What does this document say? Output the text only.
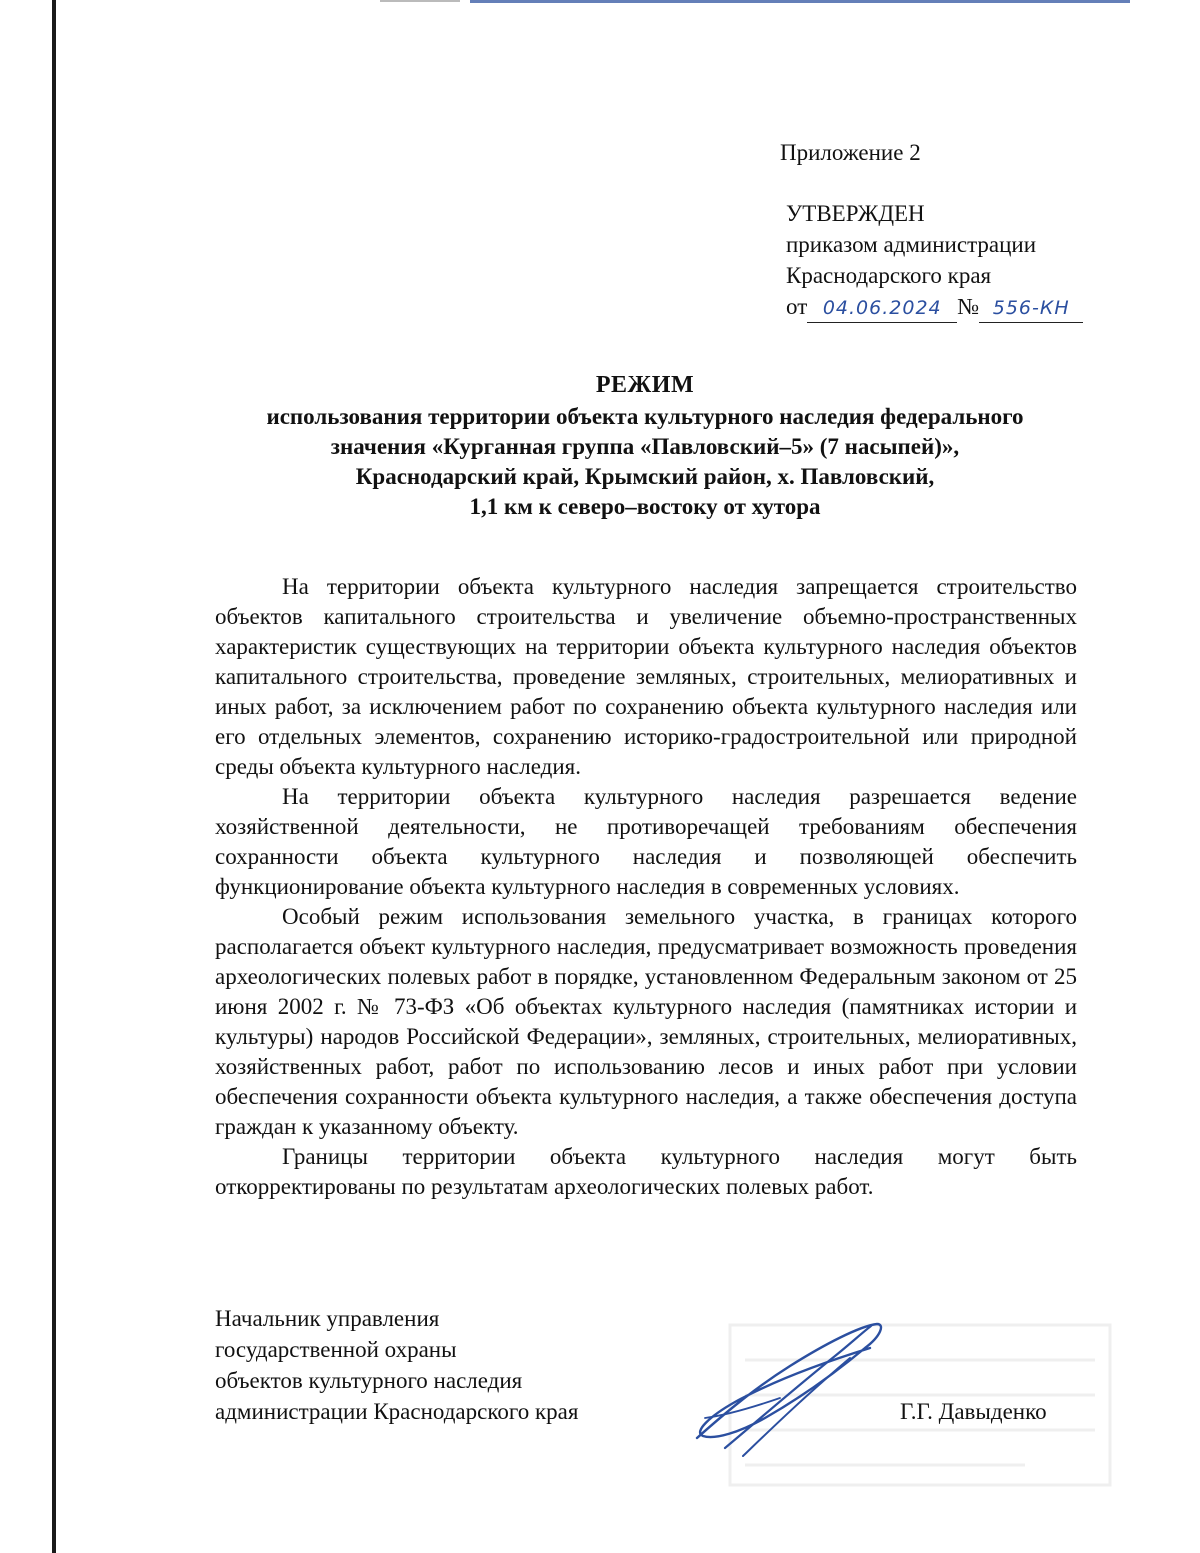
Приложение 2
УТВЕРЖДЕН
приказом администрации
Краснодарского края
от 04.06.2024 № 556-КН
РЕЖИМ
использования территории объекта культурного наследия федерального
значения «Курганная группа «Павловский–5» (7 насыпей)»,
Краснодарский край, Крымский район, х. Павловский,
1,1 км к северо–востоку от хутора

На территории объекта культурного наследия запрещается строительство объектов капитального строительства и увеличение объемно-пространственных характеристик существующих на территории объекта культурного наследия объектов капитального строительства, проведение земляных, строительных, мелиоративных и иных работ, за исключением работ по сохранению объекта культурного наследия или его отдельных элементов, сохранению историко-градостроительной или природной среды объекта культурного наследия.

На территории объекта культурного наследия разрешается ведение хозяйственной деятельности, не противоречащей требованиям обеспечения сохранности объекта культурного наследия и позволяющей обеспечить функционирование объекта культурного наследия в современных условиях.

Особый режим использования земельного участка, в границах которого располагается объект культурного наследия, предусматривает возможность проведения археологических полевых работ в порядке, установленном Федеральным законом от 25 июня 2002 г. № 73-ФЗ «Об объектах культурного наследия (памятниках истории и культуры) народов Российской Федерации», земляных, строительных, мелиоративных, хозяйственных работ, работ по использованию лесов и иных работ при условии обеспечения сохранности объекта культурного наследия, а также обеспечения доступа граждан к указанному объекту.

Границы территории объекта культурного наследия могут быть откорректированы по результатам археологических полевых работ.

Начальник управления
государственной охраны
объектов культурного наследия
администрации Краснодарского края	Г.Г. Давыденко
